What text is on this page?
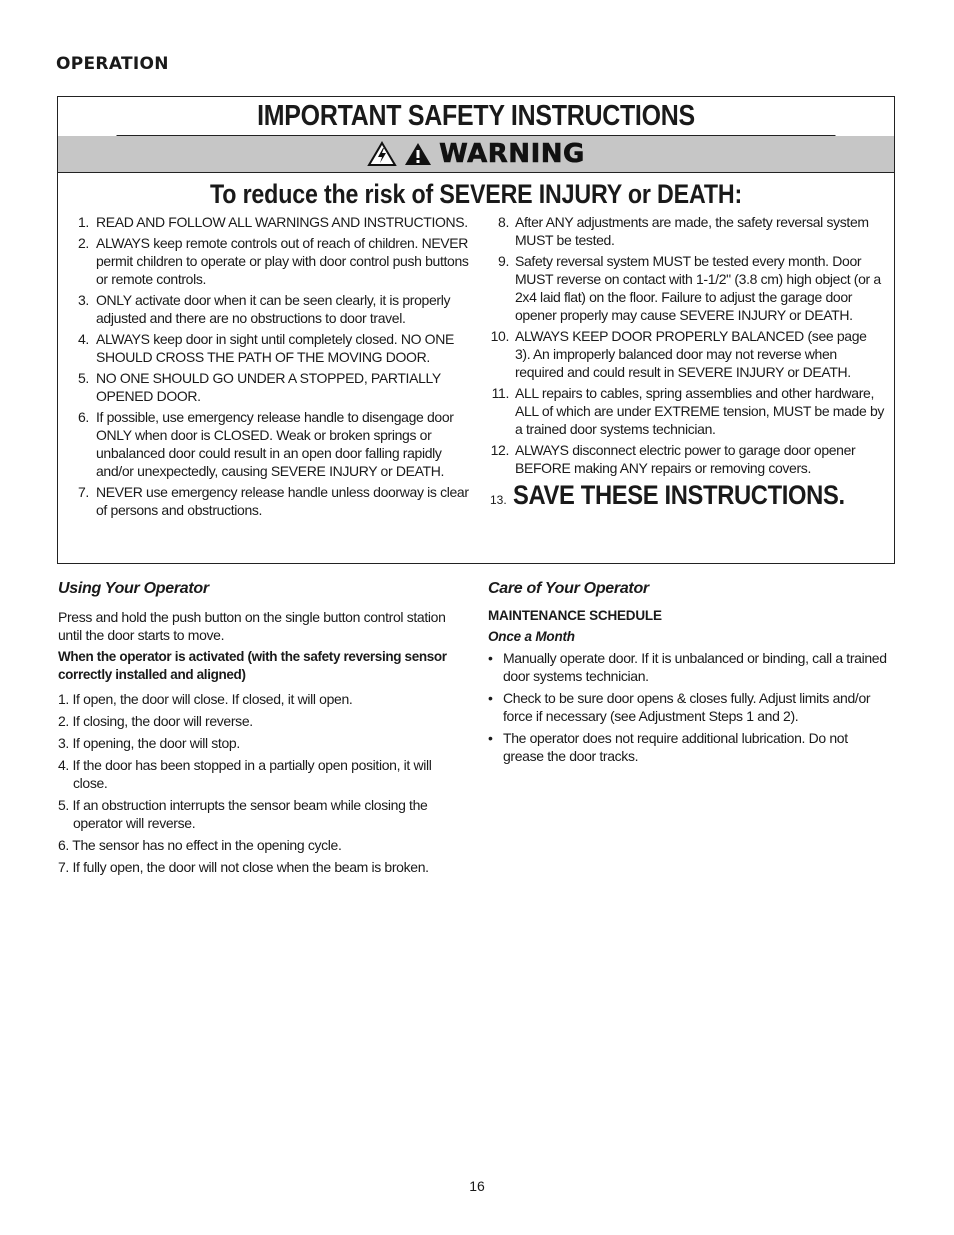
OPERATION
IMPORTANT SAFETY INSTRUCTIONS
WARNING
To reduce the risk of SEVERE INJURY or DEATH:
1. READ AND FOLLOW ALL WARNINGS AND INSTRUCTIONS.
2. ALWAYS keep remote controls out of reach of children. NEVER permit children to operate or play with door control push buttons or remote controls.
3. ONLY activate door when it can be seen clearly, it is properly adjusted and there are no obstructions to door travel.
4. ALWAYS keep door in sight until completely closed. NO ONE SHOULD CROSS THE PATH OF THE MOVING DOOR.
5. NO ONE SHOULD GO UNDER A STOPPED, PARTIALLY OPENED DOOR.
6. If possible, use emergency release handle to disengage door ONLY when door is CLOSED. Weak or broken springs or unbalanced door could result in an open door falling rapidly and/or unexpectedly, causing SEVERE INJURY or DEATH.
7. NEVER use emergency release handle unless doorway is clear of persons and obstructions.
8. After ANY adjustments are made, the safety reversal system MUST be tested.
9. Safety reversal system MUST be tested every month. Door MUST reverse on contact with 1-1/2" (3.8 cm) high object (or a 2x4 laid flat) on the floor. Failure to adjust the garage door opener properly may cause SEVERE INJURY or DEATH.
10. ALWAYS KEEP DOOR PROPERLY BALANCED (see page 3). An improperly balanced door may not reverse when required and could result in SEVERE INJURY or DEATH.
11. ALL repairs to cables, spring assemblies and other hardware, ALL of which are under EXTREME tension, MUST be made by a trained door systems technician.
12. ALWAYS disconnect electric power to garage door opener BEFORE making ANY repairs or removing covers.
13. SAVE THESE INSTRUCTIONS.
Using Your Operator
Press and hold the push button on the single button control station until the door starts to move.
When the operator is activated (with the safety reversing sensor correctly installed and aligned)
1. If open, the door will close. If closed, it will open.
2. If closing, the door will reverse.
3. If opening, the door will stop.
4. If the door has been stopped in a partially open position, it will close.
5. If an obstruction interrupts the sensor beam while closing the operator will reverse.
6. The sensor has no effect in the opening cycle.
7. If fully open, the door will not close when the beam is broken.
Care of Your Operator
MAINTENANCE SCHEDULE
Once a Month
• Manually operate door. If it is unbalanced or binding, call a trained door systems technician.
• Check to be sure door opens & closes fully. Adjust limits and/or force if necessary (see Adjustment Steps 1 and 2).
• The operator does not require additional lubrication. Do not grease the door tracks.
16
